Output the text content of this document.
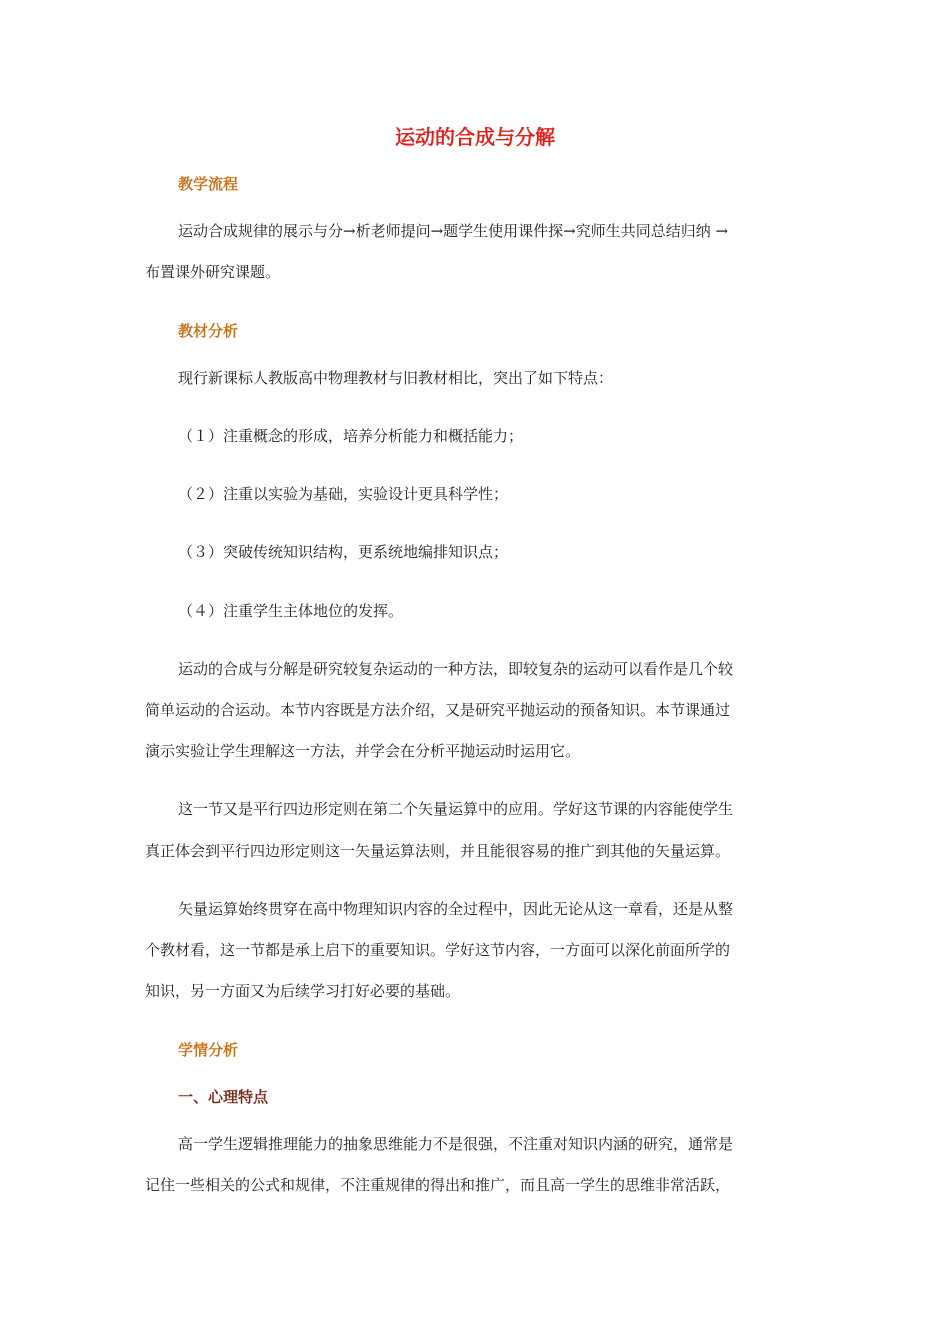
运动的合成与分解
教学流程
运动合成规律的展示与分→析老师提问→题学生使用课件探→究师生共同总结归纳 →
布置课外研究课题。
教材分析
现行新课标人教版高中物理教材与旧教材相比，突出了如下特点：
（１）注重概念的形成，培养分析能力和概括能力；
（２）注重以实验为基础，实验设计更具科学性；
（３）突破传统知识结构，更系统地编排知识点；
（４）注重学生主体地位的发挥。
运动的合成与分解是研究较复杂运动的一种方法，即较复杂的运动可以看作是几个较
简单运动的合运动。本节内容既是方法介绍，又是研究平抛运动的预备知识。本节课通过
演示实验让学生理解这一方法，并学会在分析平抛运动时运用它。
这一节又是平行四边形定则在第二个矢量运算中的应用。学好这节课的内容能使学生
真正体会到平行四边形定则这一矢量运算法则，并且能很容易的推广到其他的矢量运算。
矢量运算始终贯穿在高中物理知识内容的全过程中，因此无论从这一章看，还是从整
个教材看，这一节都是承上启下的重要知识。学好这节内容，一方面可以深化前面所学的
知识，另一方面又为后续学习打好必要的基础。
学情分析
一、心理特点
高一学生逻辑推理能力的抽象思维能力不是很强，不注重对知识内涵的研究，通常是
记住一些相关的公式和规律，不注重规律的得出和推广，而且高一学生的思维非常活跃，
